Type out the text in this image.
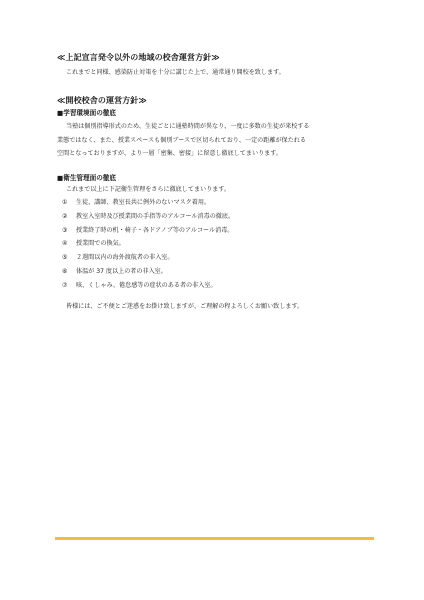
≪上記宣言発令以外の地域の校舎運営方針≫
これまでと同様、感染防止対策を十分に講じた上で、通常通り開校を致します。
≪開校校舎の運営方針≫
■学習環境面の徹底
当塾は個別指導形式のため、生徒ごとに通塾時間が異なり、一度に多数の生徒が来校する
業態ではなく、また、授業スペースも個別ブースで区切られており、一定の距離が保たれる
空間となっておりますが、より一層「密集、密接」に留意し徹底してまいります。
■衛生管理面の徹底
これまで以上に下記衛生管理をさらに徹底してまいります。
① 生徒、講師、教室長共に例外のないマスク着用。
② 教室入室時及び授業間の手指等のアルコール消毒の徹底。
③ 授業終了時の机・椅子・各ドアノブ等のアルコール消毒。
④ 授業間での換気。
⑤ ２週間以内の海外渡航者の非入室。
⑥ 体温が 37 度以上の者の非入室。
⑦ 咳、くしゃみ、倦怠感等の症状のある者の非入室。
皆様には、ご不便とご迷惑をお掛け致しますが、ご理解の程よろしくお願い致します。
